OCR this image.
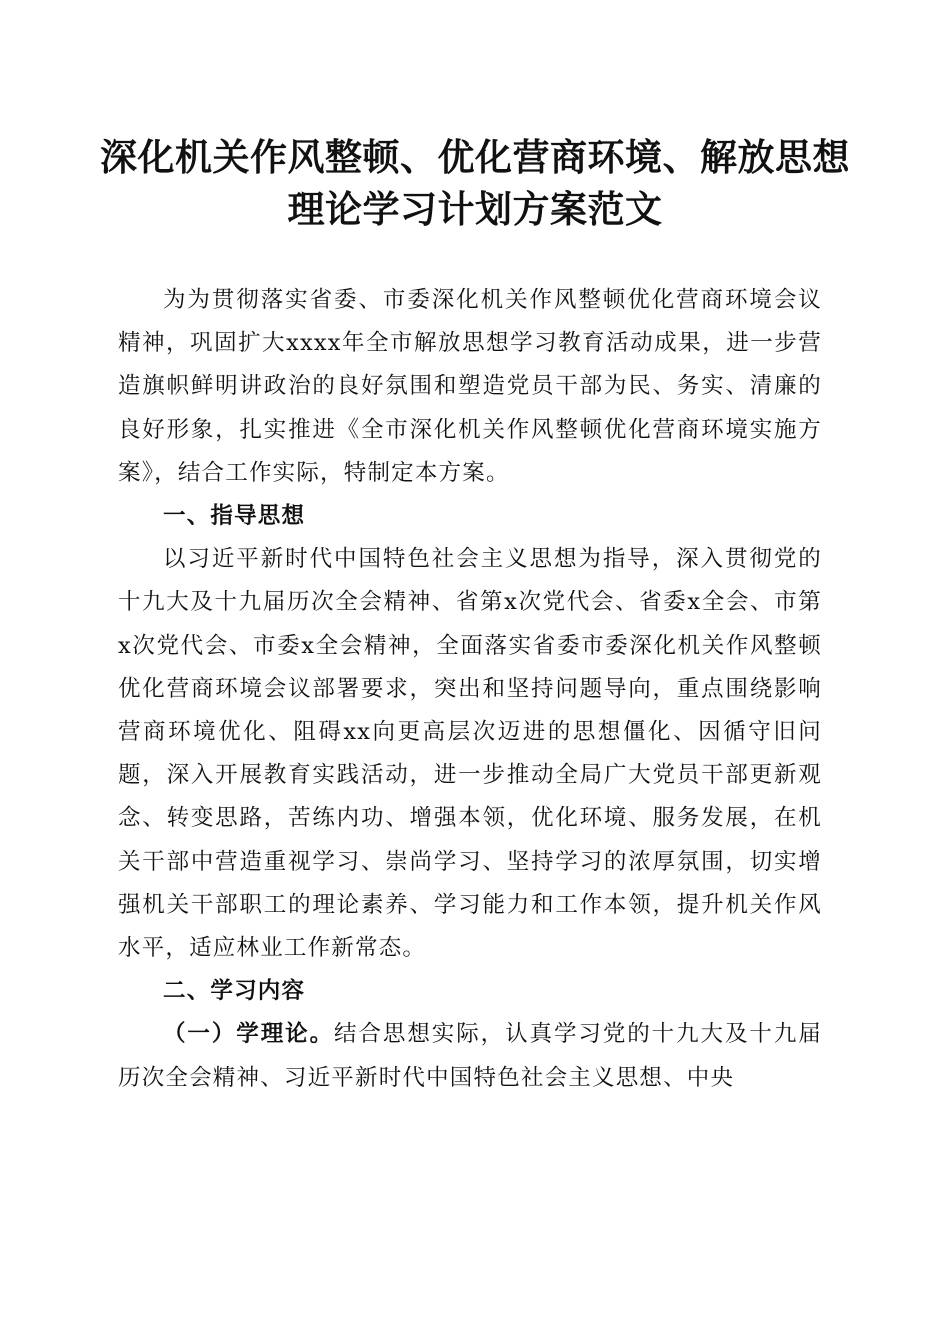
深化机关作风整顿、优化营商环境、解放思想
理论学习计划方案范文

为为贯彻落实省委、市委深化机关作风整顿优化营商环境会议精神，巩固扩大xxxx年全市解放思想学习教育活动成果，进一步营造旗帜鲜明讲政治的良好氛围和塑造党员干部为民、务实、清廉的良好形象，扎实推进《全市深化机关作风整顿优化营商环境实施方案》，结合工作实际，特制定本方案。

一、指导思想

以习近平新时代中国特色社会主义思想为指导，深入贯彻党的十九大及十九届历次全会精神、省第x次党代会、省委x全会、市第x次党代会、市委x全会精神，全面落实省委市委深化机关作风整顿优化营商环境会议部署要求，突出和坚持问题导向，重点围绕影响营商环境优化、阻碍xx向更高层次迈进的思想僵化、因循守旧问题，深入开展教育实践活动，进一步推动全局广大党员干部更新观念、转变思路，苦练内功、增强本领，优化环境、服务发展，在机关干部中营造重视学习、崇尚学习、坚持学习的浓厚氛围，切实增强机关干部职工的理论素养、学习能力和工作本领，提升机关作风水平，适应林业工作新常态。

二、学习内容

（一）学理论。结合思想实际，认真学习党的十九大及十九届历次全会精神、习近平新时代中国特色社会主义思想、中央
